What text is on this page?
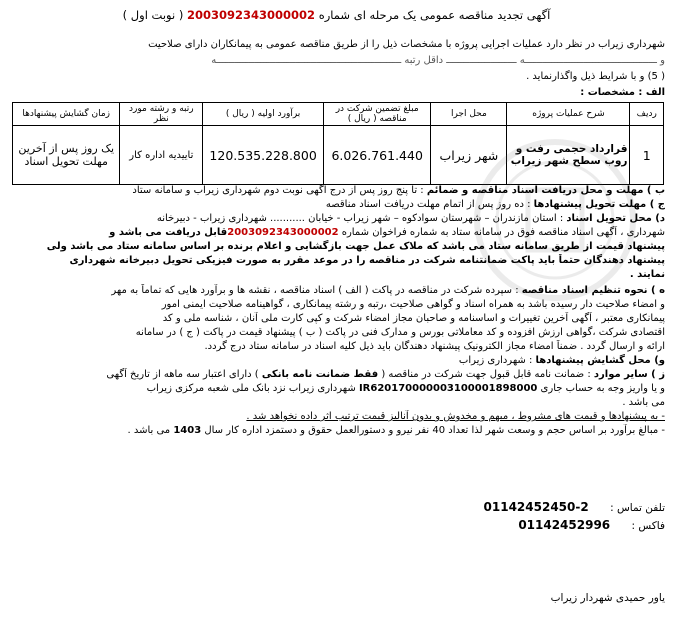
آگهی تجدید مناقصه عمومی یک مرحله ای شماره 2003092343000002 ( نوبت اول )
شهرداری زیراب در نظر دارد عملیات اجرایی پروژه با مشخصات ذیل را از طریق مناقصه عمومی به پیمانکاران دارای صلاحیت
و ـــــــــــــــــــــــــــــــــــــــــــــه ــــــــــــــــــــــــ داقل رتبه ـــــــــــــــــــــــــــــــــــــــــــــــــــــــــــــــه
( 5) و با شرایط ذیل واگذارنماید .
الف : مشخصات :
ردیف	شرح عملیات پروژه	محل اجرا	مبلغ تضمین شرکت در مناقصه ( ریال )	برآورد اولیه ( ریال )	رتبه و رشته مورد نظر	زمان گشایش پیشنهادها
1	قرارداد حجمی رفت و روب سطح شهر زیراب	شهر زیراب	6.026.761.440	120.535.228.800	تاییدیه اداره کار	یک روز پس از آخرین مهلت تحویل اسناد
ب ) مهلت و محل دریافت اسناد مناقصه و ضمائم : تا پنج روز پس از درج آگهی نوبت دوم شهرداری زیراب و سامانه ستاد
ج ) مهلت تحویل پیشنهادها : ده روز پس از اتمام مهلت دریافت اسناد مناقصه
د) محل تحویل اسناد : استان مازندران – شهرستان سوادکوه – شهر زیراب - خیابان ........... شهرداری زیراب - دبیرخانه
شهرداری ، آگهی اسناد مناقصه فوق در سامانه ستاد به شماره فراخوان شماره 2003092343000002قابل دریافت می باشد و
پیشنهاد قیمت از طریق سامانه ستاد می باشد که ملاک عمل جهت بازگشایی و اعلام برنده بر اساس سامانه ستاد می باشد ولی
پیشنهاد دهندگان حتماً باید پاکت ضمانتنامه شرکت در مناقصه را در موعد مقرر به صورت فیزیکی تحویل دبیرخانه شهرداری
نمایند .
ه ) نحوه تنظیم اسناد مناقصه : سپرده شرکت در مناقصه در پاکت ( الف ) اسناد مناقصه ، نقشه ها و برآورد هایی که تماماً به مهر
و امضاء صلاحیت دار رسیده باشد به همراه اسناد و گواهی صلاحیت ،رتبه و رشته پیمانکاری ، گواهینامه صلاحیت ایمنی امور
پیمانکاری معتبر ، آگهی آخرین تغییرات و اساسنامه و صاحبان مجاز امضاء شرکت و کپی کارت ملی آنان ، شناسه ملی و کد
اقتصادی شرکت ،گواهی ارزش افزوده و کد معاملاتی بورس و مدارک فنی در پاکت ( ب ) پیشنهاد قیمت در پاکت ( ج ) در سامانه
ارائه و ارسال گردد . ضمناً امضاء مجاز الکترونیک پیشنهاد دهندگان باید ذیل کلیه اسناد در سامانه ستاد درج گردد.
و) محل گشایش پیشنهادها : شهرداری زیراب
ز ) سایر موارد : ضمانت نامه قابل قبول جهت شرکت در مناقصه ( فقط ضمانت نامه بانکی ) دارای اعتبار سه ماهه از تاریخ آگهی
و یا واریز وجه به حساب جاری IR620170000003100001898000 شهرداری زیراب نزد بانک ملی شعبه مرکزی زیراب
می باشد .
- به پیشنهادها و قیمت های مشروط ، مبهم و مخدوش و بدون آنالیز قیمت ترتیب اثر داده نخواهد شد .
- مبالغ برآورد بر اساس حجم و وسعت شهر لذا تعداد 40 نفر نیرو و دستورالعمل حقوق و دستمزد اداره کار سال 1403 می باشد .
تلفن تماس : 01142452450-2
فاکس : 01142452996
یاور حمیدی شهردار زیراب
